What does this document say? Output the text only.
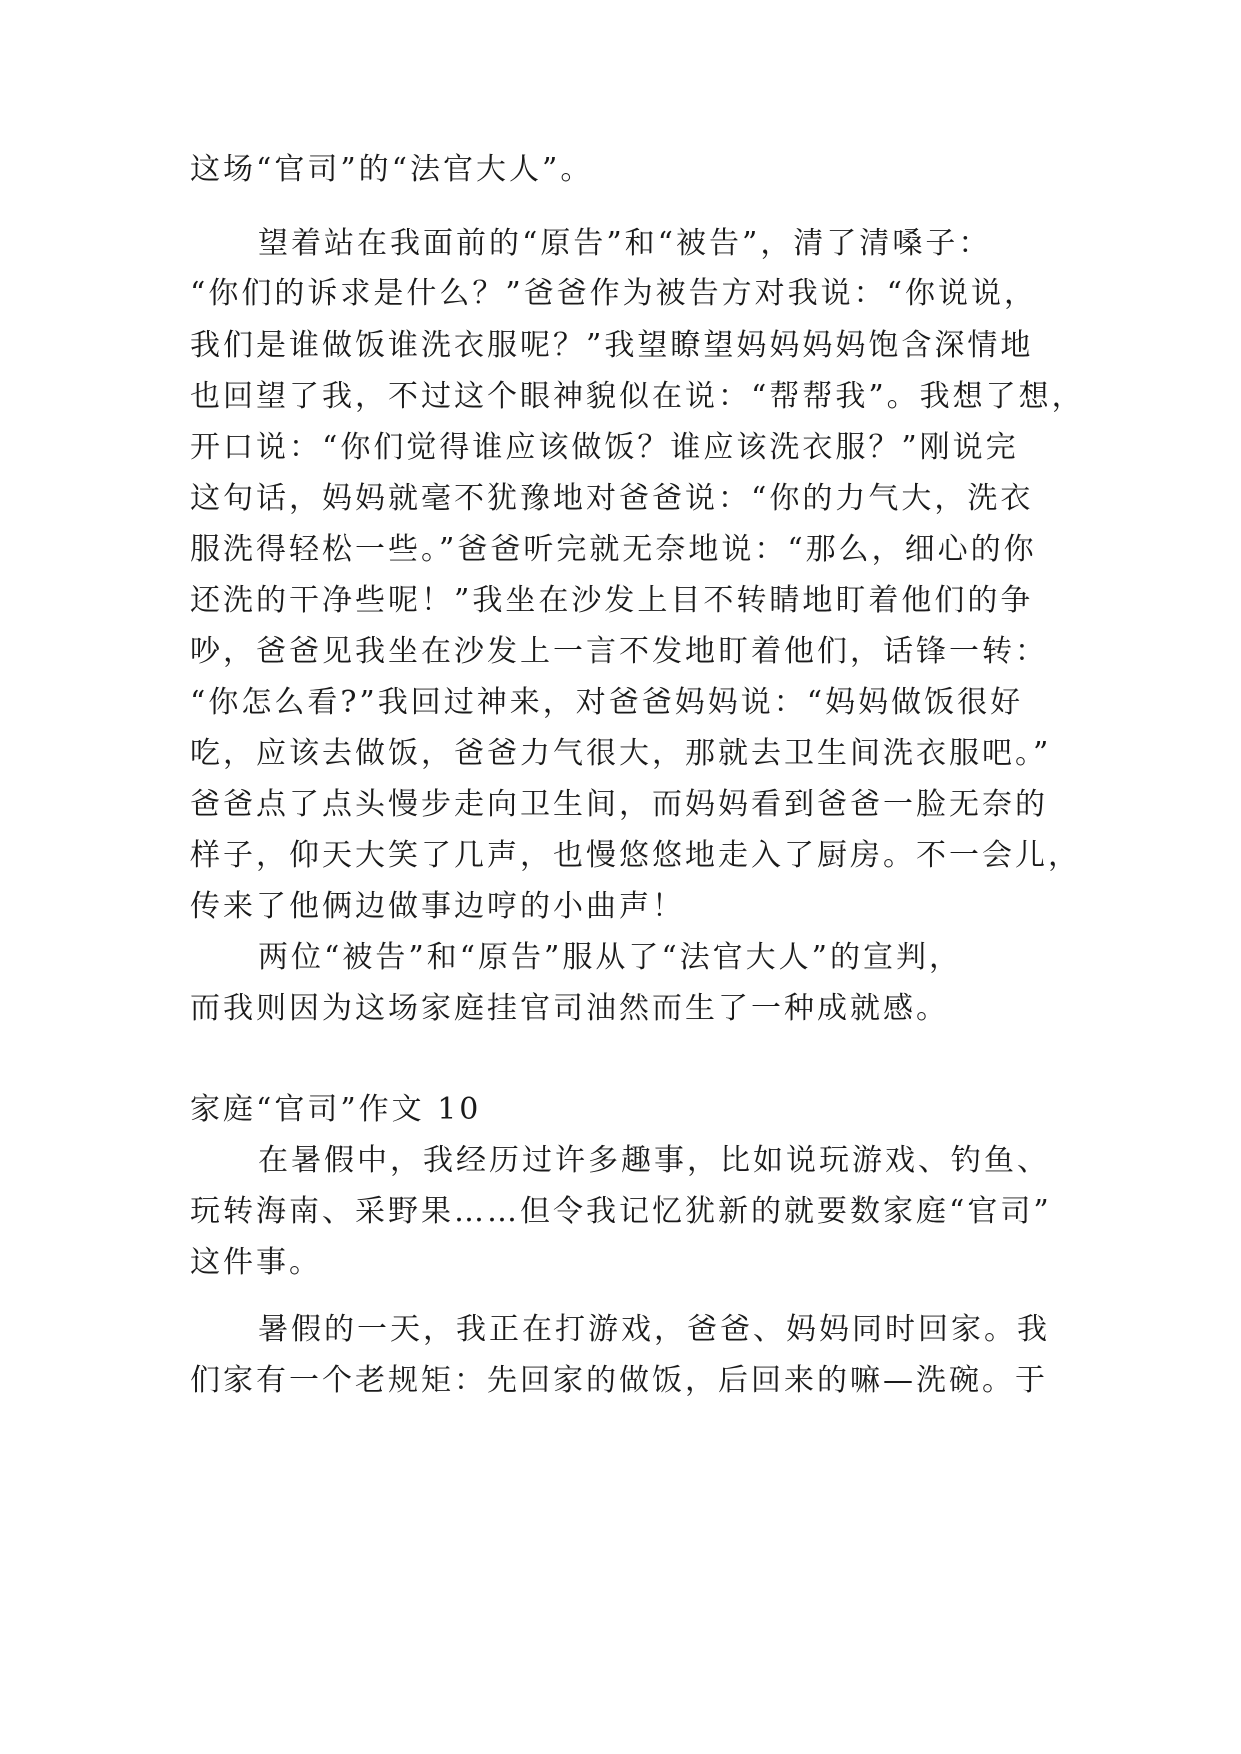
这场“官司”的“法官大人”。
望着站在我面前的“原告”和“被告”，清了清嗓子：
“你们的诉求是什么？”爸爸作为被告方对我说：“你说说，
我们是谁做饭谁洗衣服呢？”我望瞭望妈妈妈妈饱含深情地
也回望了我，不过这个眼神貌似在说：“帮帮我”。我想了想，
开口说：“你们觉得谁应该做饭？谁应该洗衣服？”刚说完
这句话，妈妈就毫不犹豫地对爸爸说：“你的力气大，洗衣
服洗得轻松一些。”爸爸听完就无奈地说：“那么，细心的你
还洗的干净些呢！”我坐在沙发上目不转睛地盯着他们的争
吵，爸爸见我坐在沙发上一言不发地盯着他们，话锋一转：
“你怎么看?”我回过神来，对爸爸妈妈说：“妈妈做饭很好
吃，应该去做饭，爸爸力气很大，那就去卫生间洗衣服吧。”
爸爸点了点头慢步走向卫生间，而妈妈看到爸爸一脸无奈的
样子，仰天大笑了几声，也慢悠悠地走入了厨房。不一会儿，
传来了他俩边做事边哼的小曲声！
两位“被告”和“原告”服从了“法官大人”的宣判，
而我则因为这场家庭挂官司油然而生了一种成就感。
家庭“官司”作文 10
在暑假中，我经历过许多趣事，比如说玩游戏、钓鱼、
玩转海南、采野果……但令我记忆犹新的就要数家庭“官司”
这件事。
暑假的一天，我正在打游戏，爸爸、妈妈同时回家。我
们家有一个老规矩：先回家的做饭，后回来的嘛—洗碗。于
